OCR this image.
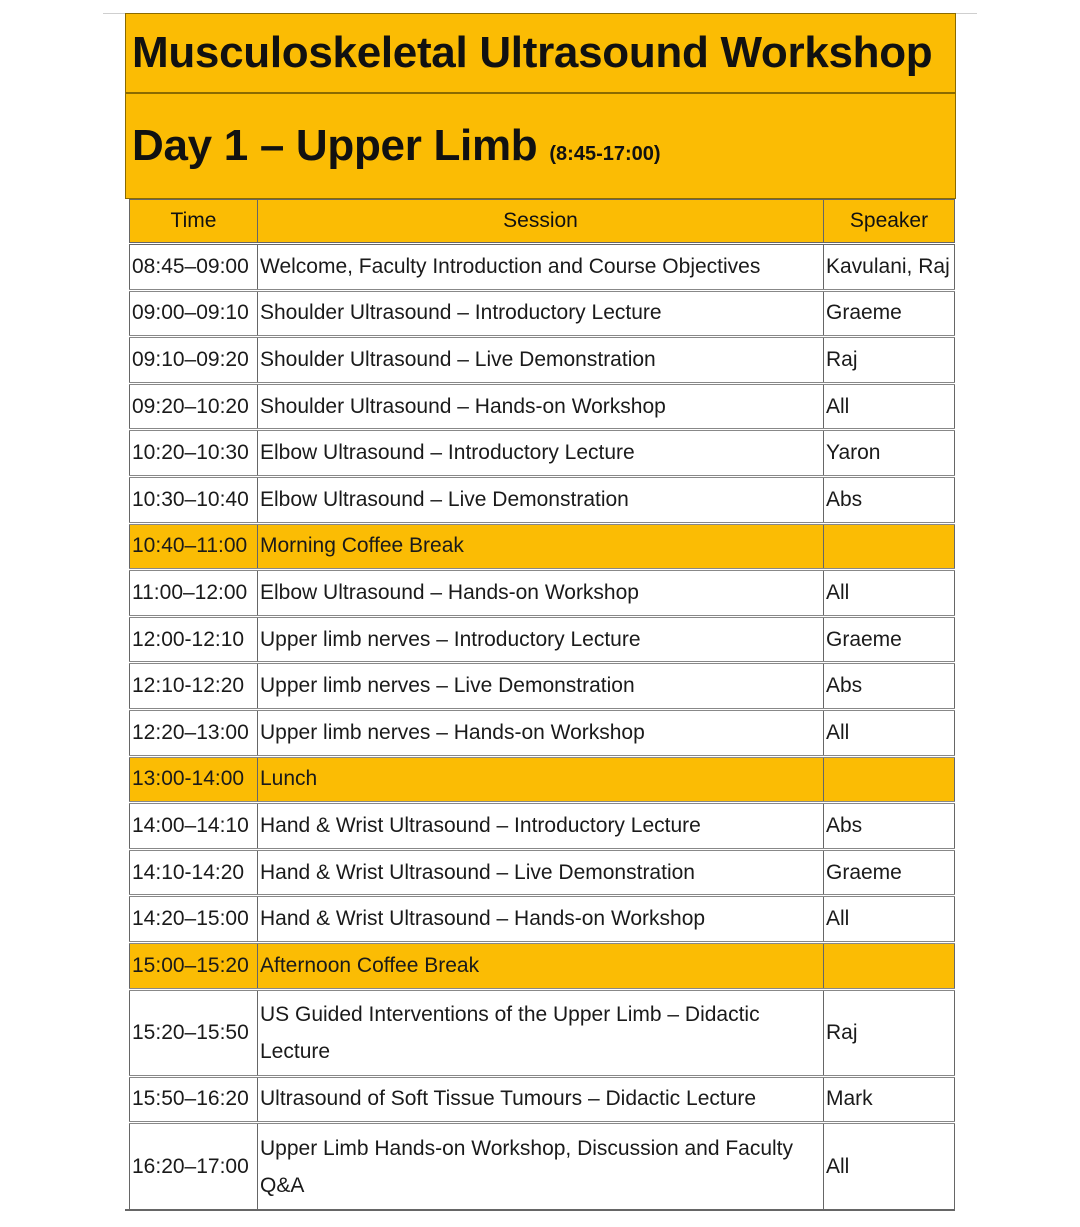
Musculoskeletal Ultrasound Workshop
Day 1 – Upper Limb (8:45-17:00)
Time	Session	Speaker
08:45–09:00	Welcome, Faculty Introduction and Course Objectives	Kavulani, Raj
09:00–09:10	Shoulder Ultrasound – Introductory Lecture	Graeme
09:10–09:20	Shoulder Ultrasound – Live Demonstration	Raj
09:20–10:20	Shoulder Ultrasound – Hands-on Workshop	All
10:20–10:30	Elbow Ultrasound – Introductory Lecture	Yaron
10:30–10:40	Elbow Ultrasound – Live Demonstration	Abs
10:40–11:00	Morning Coffee Break	
11:00–12:00	Elbow Ultrasound – Hands-on Workshop	All
12:00-12:10	Upper limb nerves – Introductory Lecture	Graeme
12:10-12:20	Upper limb nerves – Live Demonstration	Abs
12:20–13:00	Upper limb nerves – Hands-on Workshop	All
13:00-14:00	Lunch	
14:00–14:10	Hand & Wrist Ultrasound – Introductory Lecture	Abs
14:10-14:20	Hand & Wrist Ultrasound – Live Demonstration	Graeme
14:20–15:00	Hand & Wrist Ultrasound – Hands-on Workshop	All
15:00–15:20	Afternoon Coffee Break	
15:20–15:50	US Guided Interventions of the Upper Limb – Didactic Lecture	Raj
15:50–16:20	Ultrasound of Soft Tissue Tumours – Didactic Lecture	Mark
16:20–17:00	Upper Limb Hands-on Workshop, Discussion and Faculty Q&A	All
